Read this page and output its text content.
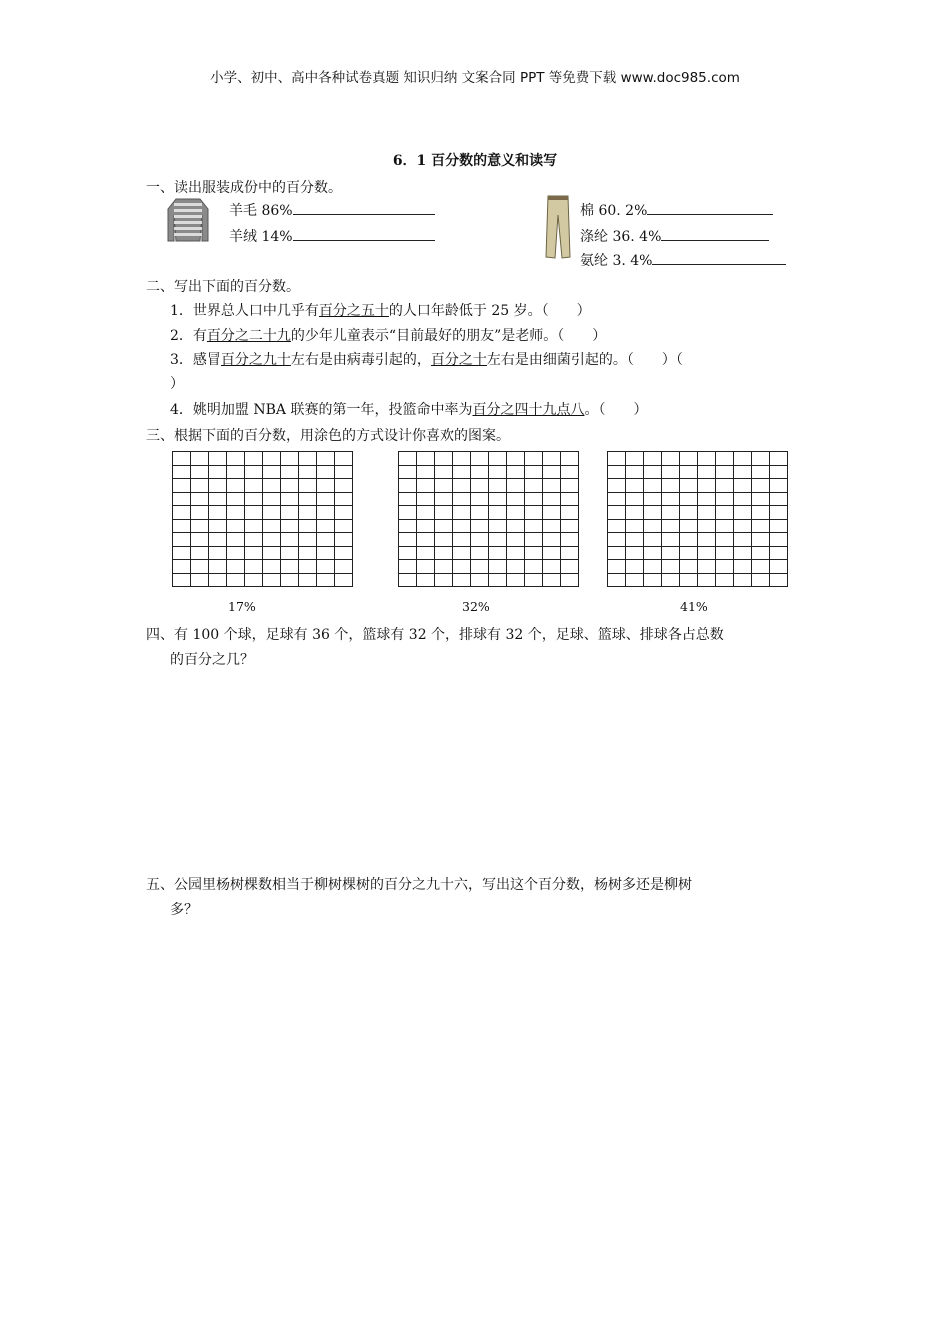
小学、初中、高中各种试卷真题 知识归纳 文案合同 PPT 等免费下载 www.doc985.com
6．1 百分数的意义和读写
一、读出服装成份中的百分数。
羊毛 86%
羊绒 14%
棉 60. 2%
涤纶 36. 4%
氨纶 3. 4%
二、写出下面的百分数。
1．世界总人口中几乎有百分之五十的人口年龄低于 25 岁。（　　）
2．有百分之二十九的少年儿童表示“目前最好的朋友”是老师。（　　）
3．感冒百分之九十左右是由病毒引起的，百分之十左右是由细菌引起的。（　　）（
）
4．姚明加盟 NBA 联赛的第一年，投篮命中率为百分之四十九点八。（　　）
三、根据下面的百分数，用涂色的方式设计你喜欢的图案。
17%	32%	41%
四、有 100 个球，足球有 36 个，篮球有 32 个，排球有 32 个，足球、篮球、排球各占总数
的百分之几？
五、公园里杨树棵数相当于柳树棵树的百分之九十六，写出这个百分数，杨树多还是柳树
多？
